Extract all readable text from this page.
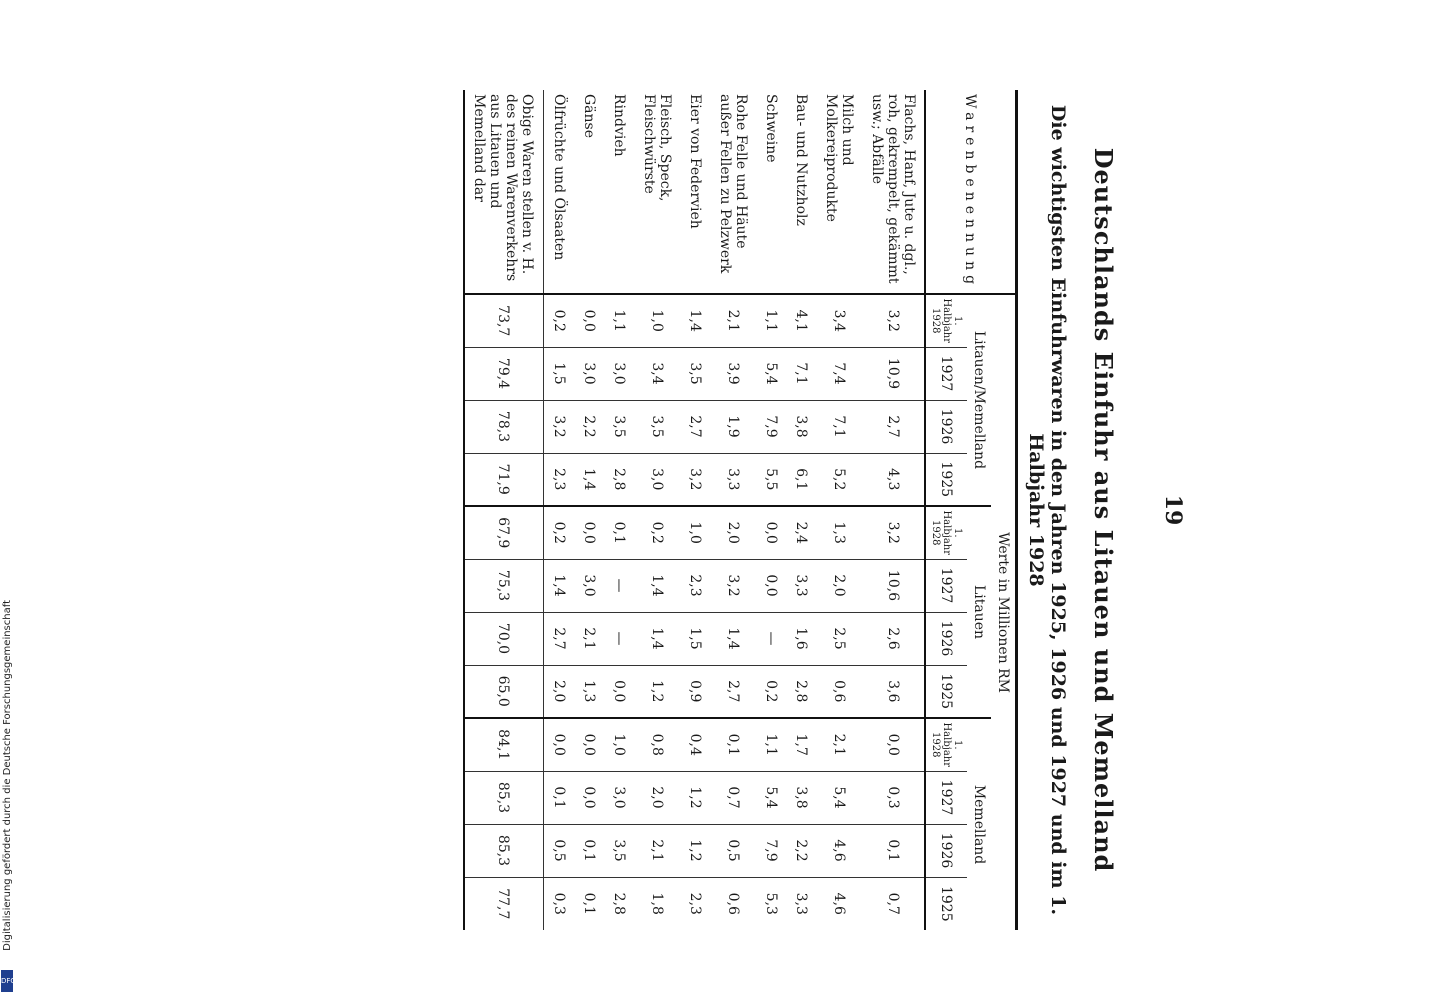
19
Deutschlands Einfuhr aus Litauen und Memelland
Die wichtigsten Einfuhrwaren in den Jahren 1925, 1926 und 1927 und im 1. Halbjahr 1928
Warenbenennung	Werte in Millionen RM											
	Litauen/Memelland				Litauen				Memelland			
	1. Halbjahr 1928	1927	1926	1925	1. Halbjahr 1928	1927	1926	1925	1. Halbjahr 1928	1927	1926	1925
Flachs, Hanf, Jute u. dgl., roh, gekrempelt, gekämmt usw.; Abfälle	3,2	10,9	2,7	4,3	3,2	10,6	2,6	3,6	0,0	0,3	0,1	0,7
Milch und Molkereiprodukte	3,4	7,4	7,1	5,2	1,3	2,0	2,5	0,6	2,1	5,4	4,6	4,6
Bau- und Nutzholz	4,1	7,1	3,8	6,1	2,4	3,3	1,6	2,8	1,7	3,8	2,2	3,3
Schweine	1,1	5,4	7,9	5,5	0,0	0,0	—	0,2	1,1	5,4	7,9	5,3
Rohe Felle und Häute außer Fellen zu Pelzwerk	2,1	3,9	1,9	3,3	2,0	3,2	1,4	2,7	0,1	0,7	0,5	0,6
Eier von Federvieh	1,4	3,5	2,7	3,2	1,0	2,3	1,5	0,9	0,4	1,2	1,2	2,3
Fleisch, Speck, Fleischwürste	1,0	3,4	3,5	3,0	0,2	1,4	1,4	1,2	0,8	2,0	2,1	1,8
Rindvieh	1,1	3,0	3,5	2,8	0,1	—	—	0,0	1,0	3,0	3,5	2,8
Gänse	0,0	3,0	2,2	1,4	0,0	3,0	2,1	1,3	0,0	0,0	0,1	0,1
Ölfrüchte und Ölsaaten	0,2	1,5	3,2	2,3	0,2	1,4	2,7	2,0	0,0	0,1	0,5	0,3
Obige Waren stellen v. H. des reinen Warenverkehrs aus Litauen und Memelland dar	73,7	79,4	78,3	71,9	67,9	75,3	70,0	65,0	84,1	85,3	85,3	77,7
Digitalisierung gefördert durch die Deutsche Forschungsgemeinschaft
DFG
